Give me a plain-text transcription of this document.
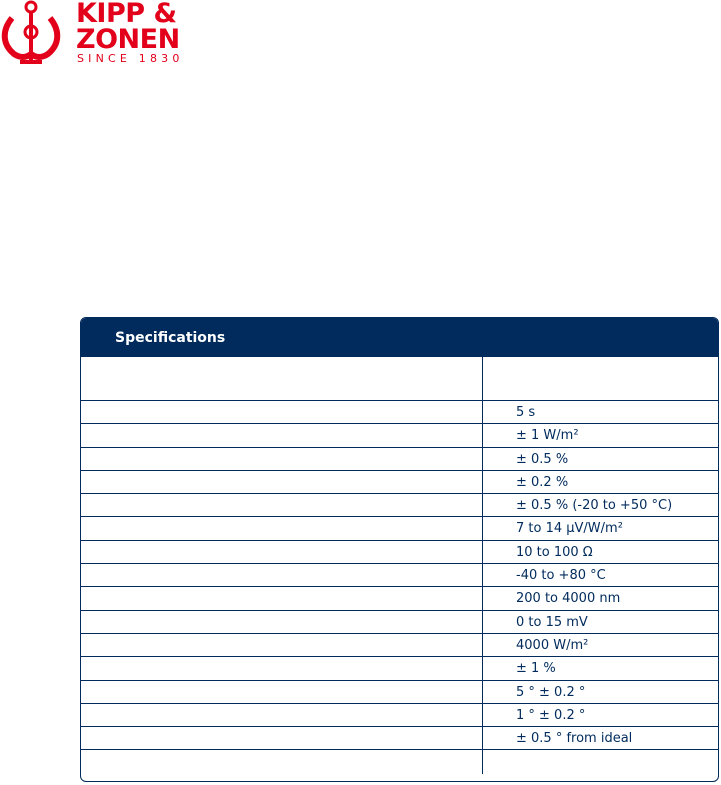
KIPP &
ZONEN
SINCE 1830
Specifications
5 s
± 1 W/m²
± 0.5 %
± 0.2 %
± 0.5 % (-20 to +50 °C)
7 to 14 µV/W/m²
10 to 100 Ω
-40 to +80 °C
200 to 4000 nm
0 to 15 mV
4000 W/m²
± 1 %
5 ° ± 0.2 °
1 ° ± 0.2 °
± 0.5 ° from ideal
